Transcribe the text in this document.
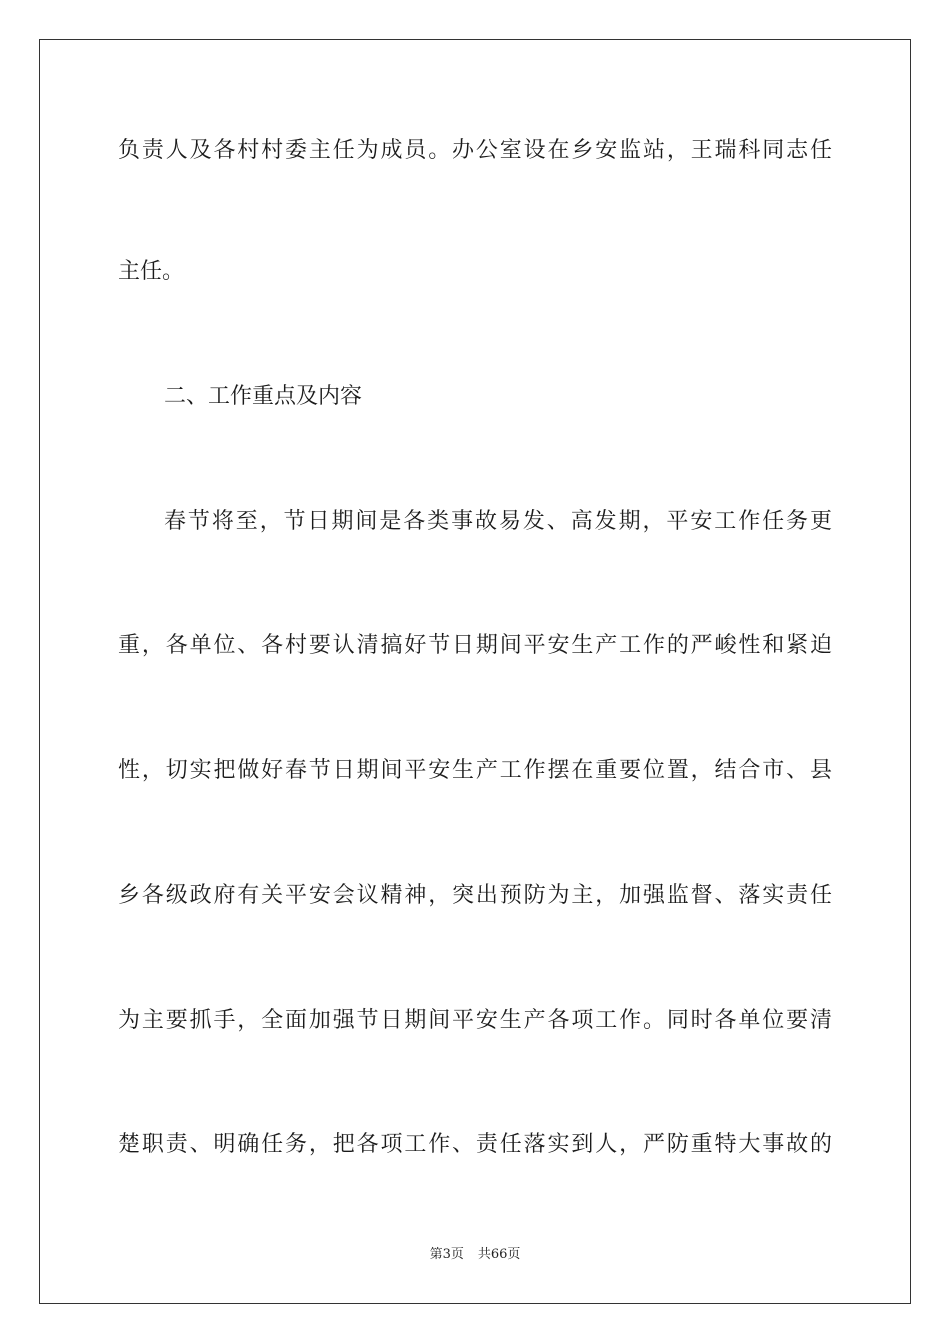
负责人及各村村委主任为成员。办公室设在乡安监站，王瑞科同志任
主任。
二、工作重点及内容
春节将至，节日期间是各类事故易发、高发期，平安工作任务更
重，各单位、各村要认清搞好节日期间平安生产工作的严峻性和紧迫
性，切实把做好春节日期间平安生产工作摆在重要位置，结合市、县
乡各级政府有关平安会议精神，突出预防为主，加强监督、落实责任
为主要抓手，全面加强节日期间平安生产各项工作。同时各单位要清
楚职责、明确任务，把各项工作、责任落实到人，严防重特大事故的
第3页 共66页
